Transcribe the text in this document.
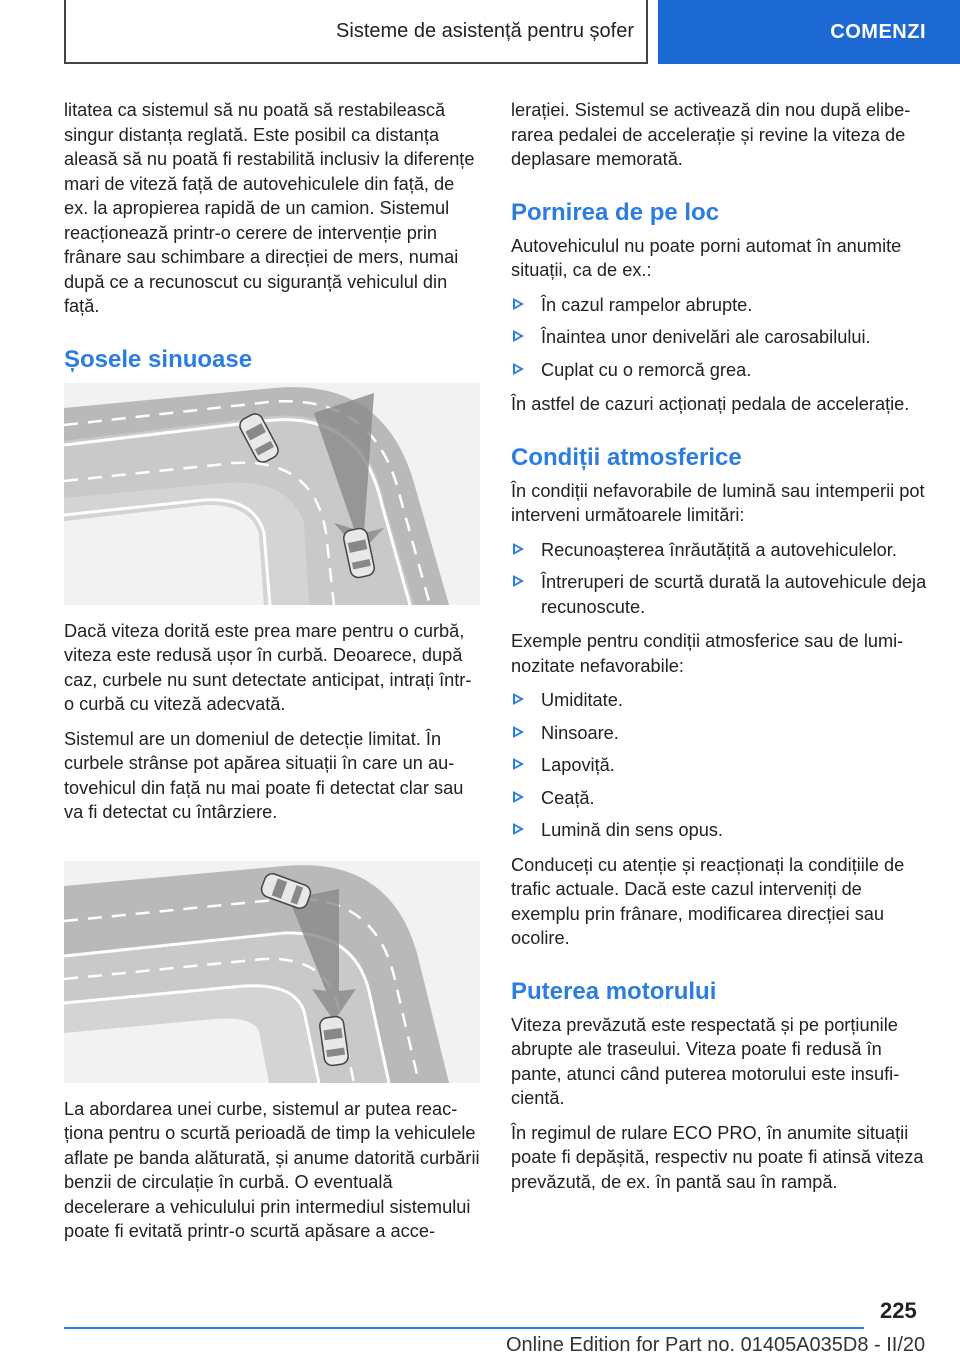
Sisteme de asistență pentru șofer	COMENZI

litatea ca sistemul să nu poată să restabilească singur distanța reglată. Este posibil ca distanța aleasă să nu poată fi restabilită inclusiv la diferențe mari de viteză față de autovehiculele din față, de ex. la apropierea rapidă de un camion. Sistemul reacționează printr-o cerere de intervenție prin frânare sau schimbare a direcției de mers, numai după ce a recunoscut cu siguranță vehiculul din față.

Șosele sinuoase

Dacă viteza dorită este prea mare pentru o curbă, viteza este redusă ușor în curbă. Deoarece, după caz, curbele nu sunt detectate anticipat, intrați într-o curbă cu viteză adecvată.

Sistemul are un domeniul de detecție limitat. În curbele strânse pot apărea situații în care un autovehicul din față nu mai poate fi detectat clar sau va fi detectat cu întârziere.

La abordarea unei curbe, sistemul ar putea reacționa pentru o scurtă perioadă de timp la vehiculele aflate pe banda alăturată, și anume datorită curbării benzii de circulație în curbă. O eventuală decelerare a vehiculului prin intermediul sistemului poate fi evitată printr-o scurtă apăsare a acce-

lerației. Sistemul se activează din nou după eliberarea pedalei de accelerație și revine la viteza de deplasare memorată.

Pornirea de pe loc

Autovehiculul nu poate porni automat în anumite situații, ca de ex.:

În cazul rampelor abrupte.
Înaintea unor denivelări ale carosabilului.
Cuplat cu o remorcă grea.

În astfel de cazuri acționați pedala de accelerație.

Condiții atmosferice

În condiții nefavorabile de lumină sau intemperii pot interveni următoarele limitări:

Recunoașterea înrăutățită a autovehiculelor.
Întreruperi de scurtă durată la autovehicule deja recunoscute.

Exemple pentru condiții atmosferice sau de luminozitate nefavorabile:

Umiditate.
Ninsoare.
Lapoviță.
Ceață.
Lumină din sens opus.

Conduceți cu atenție și reacționați la condițiile de trafic actuale. Dacă este cazul interveniți de exemplu prin frânare, modificarea direcției sau ocolire.

Puterea motorului

Viteza prevăzută este respectată și pe porțiunile abrupte ale traseului. Viteza poate fi redusă în pante, atunci când puterea motorului este insuficientă.

În regimul de rulare ECO PRO, în anumite situații poate fi depășită, respectiv nu poate fi atinsă viteza prevăzută, de ex. în pantă sau în rampă.

225
Online Edition for Part no. 01405A035D8 - II/20
